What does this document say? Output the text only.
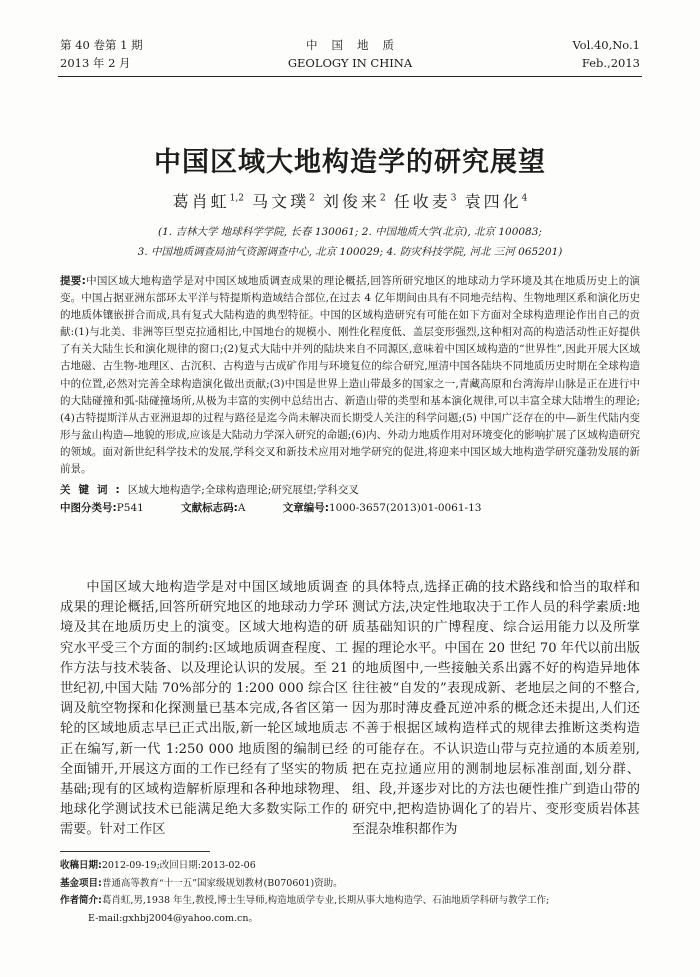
第 40 卷第 1 期
2013 年 2 月
中国地质
GEOLOGY IN CHINA
Vol.40,No.1
Feb.,2013
中国区域大地构造学的研究展望
葛肖虹$^{1,2}$ 马文璞$^2$ 刘俊来$^2$ 任收麦$^3$ 袁四化$^4$
(1. 吉林大学 地球科学学院, 长春 130061; 2. 中国地质大学(北京), 北京 100083;
3. 中国地质调查局油气资源调查中心, 北京 100029; 4. 防灾科技学院, 河北 三河 065201)
提要:中国区域大地构造学是对中国区域地质调查成果的理论概括,回答所研究地区的地球动力学环境及其在地质历史上的演变。中国占据亚洲东部环太平洋与特提斯构造域结合部位,在过去 4 亿年期间由具有不同地壳结构、生物地理区系和演化历史的地质体镶嵌拼合而成,具有复式大陆构造的典型特征。中国的区域构造研究有可能在如下方面对全球构造理论作出自己的贡献:(1)与北美、非洲等巨型克拉通相比,中国地台的规模小、刚性化程度低、盖层变形强烈,这种相对高的构造活动性正好提供了有关大陆生长和演化规律的窗口;(2)复式大陆中并列的陆块来自不同源区,意味着中国区域构造的“世界性”,因此开展大区域古地磁、古生物-地理区、古沉积、古构造与古成矿作用与环境复位的综合研究,厘清中国各陆块不同地质历史时期在全球构造中的位置,必然对完善全球构造演化做出贡献;(3)中国是世界上造山带最多的国家之一,青藏高原和台湾海岸山脉是正在进行中的大陆碰撞和弧-陆碰撞场所,从极为丰富的实例中总结出古、新造山带的类型和基本演化规律,可以丰富全球大陆增生的理论;(4)古特提斯洋从古亚洲退却的过程与路径是迄今尚未解决而长期受人关注的科学问题;(5) 中国广泛存在的中—新生代陆内变形与盆山构造—地貌的形成,应该是大陆动力学深入研究的命题;(6)内、外动力地质作用对环境变化的影响扩展了区域构造研究的领域。面对新世纪科学技术的发展,学科交叉和新技术应用对地学研究的促进,将迎来中国区域大地构造学研究蓬勃发展的新前景。
关键词:区域大地构造学;全球构造理论;研究展望;学科交叉
中图分类号:P541	文献标志码:A	文章编号:1000-3657(2013)01-0061-13

中国区域大地构造学是对中国区域地质调查成果的理论概括,回答所研究地区的地球动力学环境及其在地质历史上的演变。区域大地构造的研究水平受三个方面的制约:区域地质调查程度、工作方法与技术装备、以及理论认识的发展。至 21 世纪初,中国大陆 70%部分的 1:200 000 综合区调及航空物探和化探测量已基本完成,各省区第一轮的区域地质志早已正式出版,新一轮区域地质志正在编写,新一代 1:250 000 地质图的编制已经全面铺开,开展这方面的工作已经有了坚实的物质基础;现有的区域构造解析原理和各种地球物理、地球化学测试技术已能满足绝大多数实际工作的需要。针对工作区

的具体特点,选择正确的技术路线和恰当的取样和测试方法,决定性地取决于工作人员的科学素质:地质基础知识的广博程度、综合运用能力以及所掌握的理论水平。中国在 20 世纪 70 年代以前出版的地质图中,一些接触关系出露不好的构造异地体往往被“自发的”表现成新、老地层之间的不整合,因为那时薄皮叠瓦逆冲系的概念还未提出,人们还不善于根据区域构造样式的规律去推断这类构造的可能存在。不认识造山带与克拉通的本质差别,把在克拉通应用的测制地层标准剖面,划分群、组、段,并逐步对比的方法也硬性推广到造山带的研究中,把构造协调化了的岩片、变形变质岩体甚至混杂堆积都作为

收稿日期:2012-09-19;改回日期:2013-02-06
基金项目:普通高等教育“十一五”国家级规划教材(B070601)资助。
作者简介:葛肖虹,男,1938 年生,教授,博士生导师,构造地质学专业,长期从事大地构造学、石油地质学科研与教学工作;
E-mail:gxhbj2004@yahoo.com.cn。
